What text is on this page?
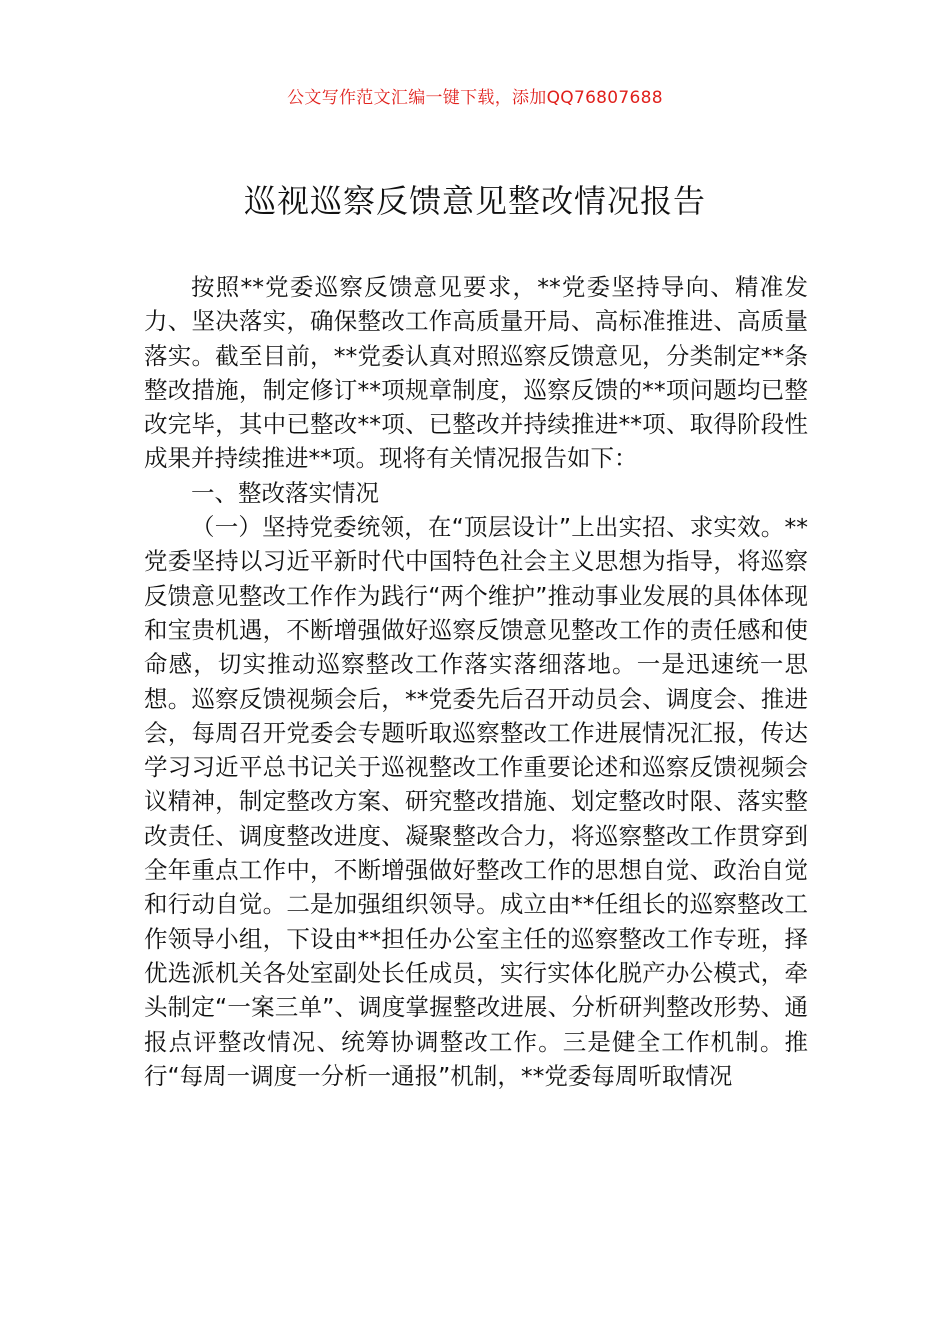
公文写作范文汇编一键下载，添加QQ76807688
巡视巡察反馈意见整改情况报告

按照**党委巡察反馈意见要求，**党委坚持导向、精准发力、坚决落实，确保整改工作高质量开局、高标准推进、高质量落实。截至目前，**党委认真对照巡察反馈意见，分类制定**条整改措施，制定修订**项规章制度，巡察反馈的**项问题均已整改完毕，其中已整改**项、已整改并持续推进**项、取得阶段性成果并持续推进**项。现将有关情况报告如下：

一、整改落实情况

（一）坚持党委统领，在“顶层设计”上出实招、求实效。**党委坚持以习近平新时代中国特色社会主义思想为指导，将巡察反馈意见整改工作作为践行“两个维护”推动事业发展的具体体现和宝贵机遇，不断增强做好巡察反馈意见整改工作的责任感和使命感，切实推动巡察整改工作落实落细落地。一是迅速统一思想。巡察反馈视频会后，**党委先后召开动员会、调度会、推进会，每周召开党委会专题听取巡察整改工作进展情况汇报，传达学习习近平总书记关于巡视整改工作重要论述和巡察反馈视频会议精神，制定整改方案、研究整改措施、划定整改时限、落实整改责任、调度整改进度、凝聚整改合力，将巡察整改工作贯穿到全年重点工作中，不断增强做好整改工作的思想自觉、政治自觉和行动自觉。二是加强组织领导。成立由**任组长的巡察整改工作领导小组，下设由**担任办公室主任的巡察整改工作专班，择优选派机关各处室副处长任成员，实行实体化脱产办公模式，牵头制定“一案三单”、调度掌握整改进展、分析研判整改形势、通报点评整改情况、统筹协调整改工作。三是健全工作机制。推行“每周一调度一分析一通报”机制，**党委每周听取情况
